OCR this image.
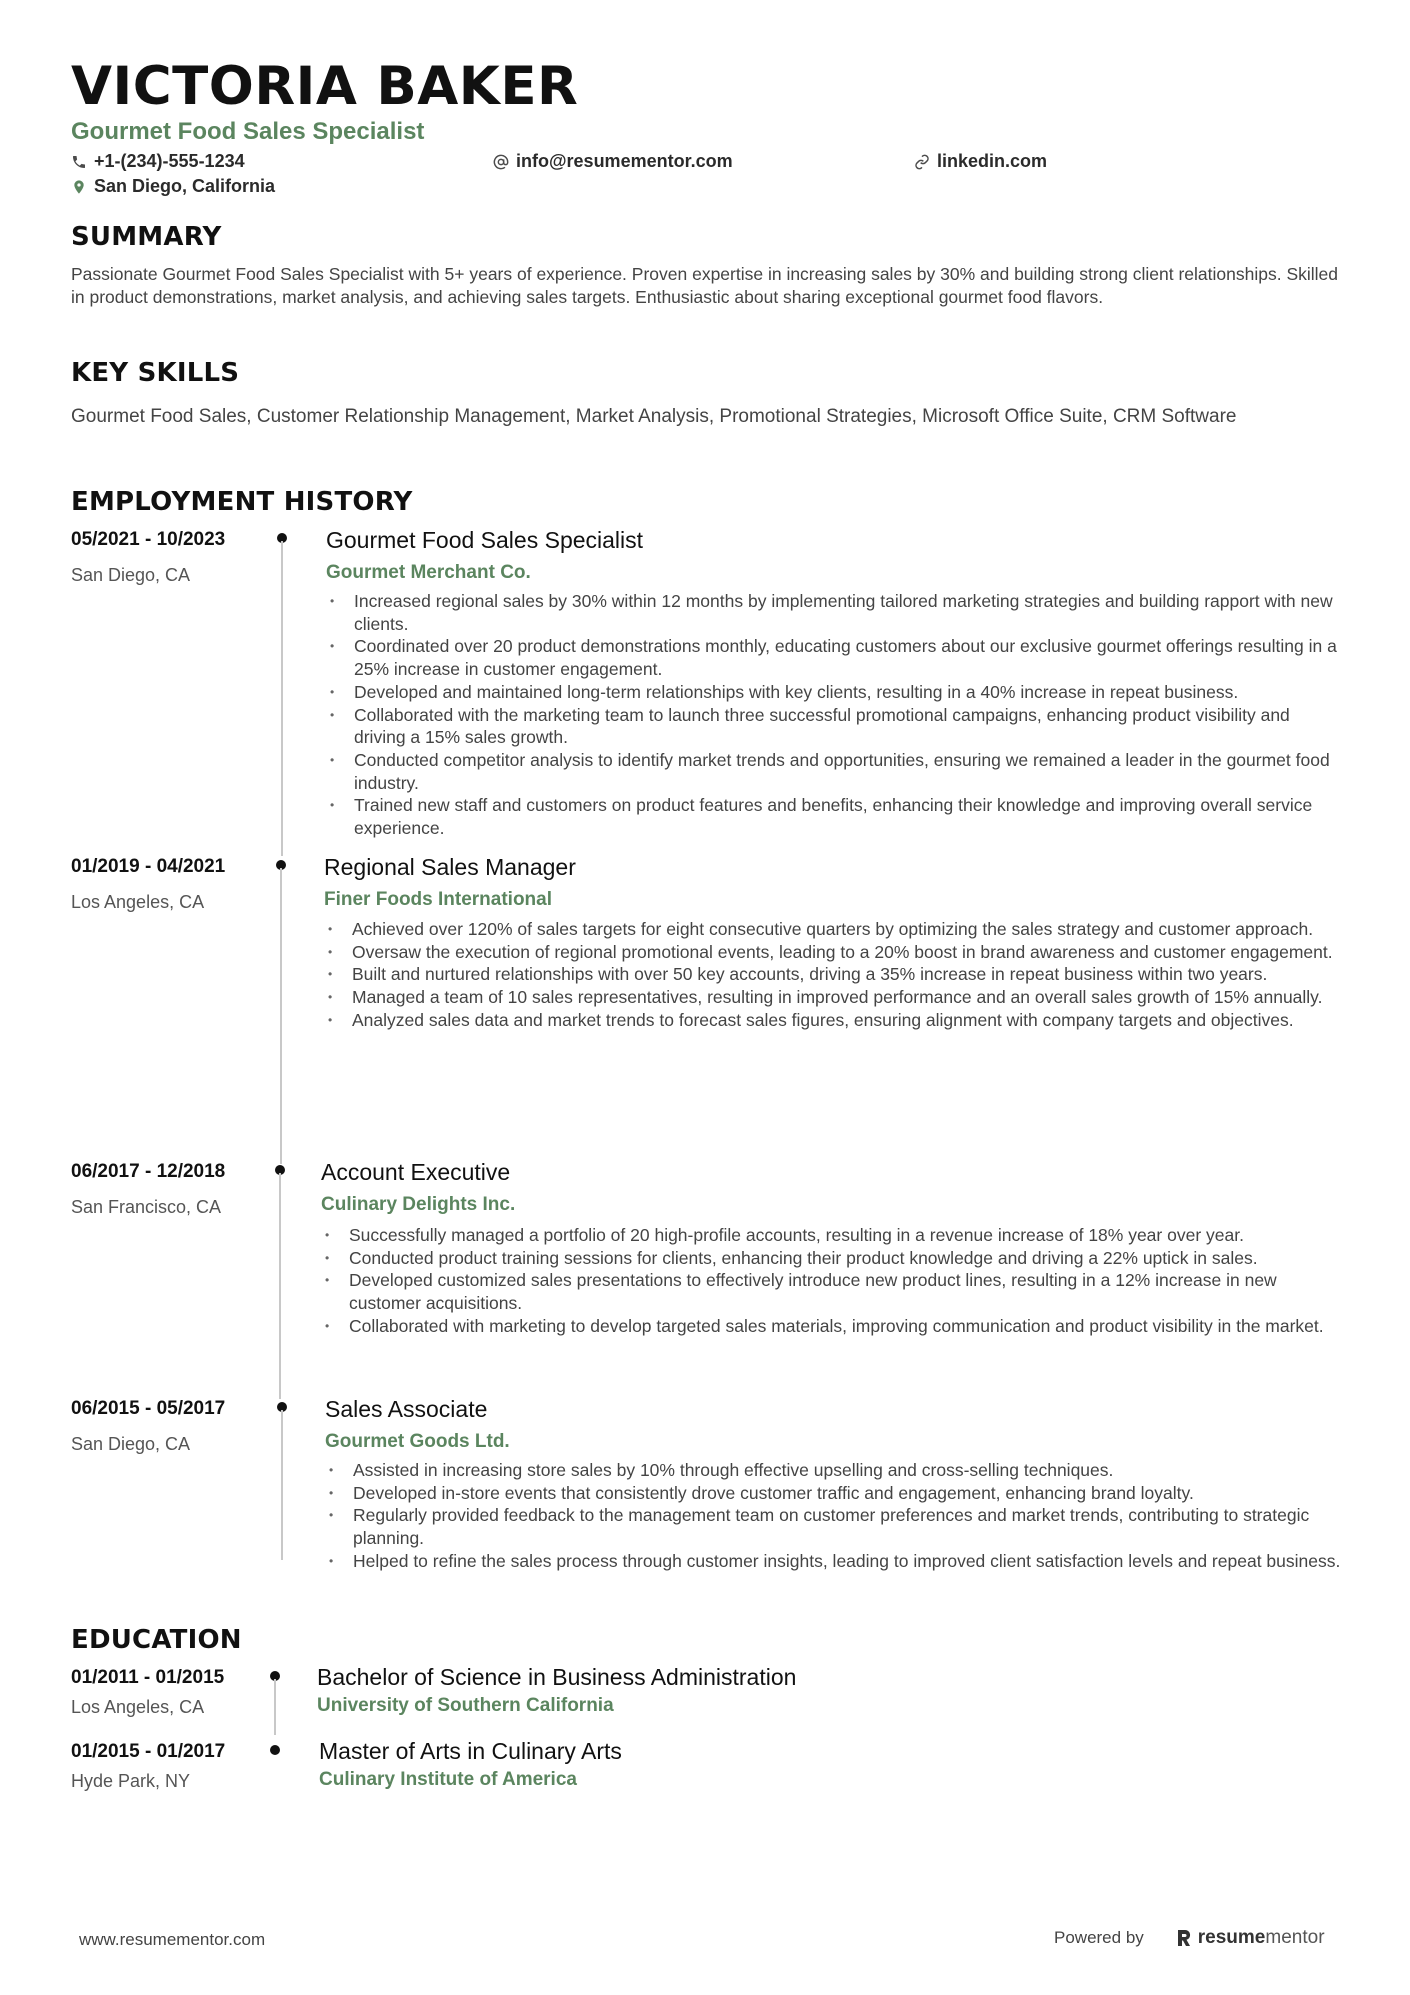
VICTORIA BAKER
Gourmet Food Sales Specialist
+1-(234)-555-1234	info@resumementor.com	linkedin.com
San Diego, California
SUMMARY

Passionate Gourmet Food Sales Specialist with 5+ years of experience. Proven expertise in increasing sales by 30% and building strong client relationships. Skilled in product demonstrations, market analysis, and achieving sales targets. Enthusiastic about sharing exceptional gourmet food flavors.

KEY SKILLS

Gourmet Food Sales, Customer Relationship Management, Market Analysis, Promotional Strategies, Microsoft Office Suite, CRM Software

EMPLOYMENT HISTORY
05/2021 - 10/2023
San Diego, CA
Gourmet Food Sales Specialist
Gourmet Merchant Co.
• Increased regional sales by 30% within 12 months by implementing tailored marketing strategies and building rapport with new clients.
• Coordinated over 20 product demonstrations monthly, educating customers about our exclusive gourmet offerings resulting in a 25% increase in customer engagement.
• Developed and maintained long-term relationships with key clients, resulting in a 40% increase in repeat business.
• Collaborated with the marketing team to launch three successful promotional campaigns, enhancing product visibility and driving a 15% sales growth.
• Conducted competitor analysis to identify market trends and opportunities, ensuring we remained a leader in the gourmet food industry.
• Trained new staff and customers on product features and benefits, enhancing their knowledge and improving overall service experience.
01/2019 - 04/2021
Los Angeles, CA
Regional Sales Manager
Finer Foods International
• Achieved over 120% of sales targets for eight consecutive quarters by optimizing the sales strategy and customer approach.
• Oversaw the execution of regional promotional events, leading to a 20% boost in brand awareness and customer engagement.
• Built and nurtured relationships with over 50 key accounts, driving a 35% increase in repeat business within two years.
• Managed a team of 10 sales representatives, resulting in improved performance and an overall sales growth of 15% annually.
• Analyzed sales data and market trends to forecast sales figures, ensuring alignment with company targets and objectives.
06/2017 - 12/2018
San Francisco, CA
Account Executive
Culinary Delights Inc.
• Successfully managed a portfolio of 20 high-profile accounts, resulting in a revenue increase of 18% year over year.
• Conducted product training sessions for clients, enhancing their product knowledge and driving a 22% uptick in sales.
• Developed customized sales presentations to effectively introduce new product lines, resulting in a 12% increase in new customer acquisitions.
• Collaborated with marketing to develop targeted sales materials, improving communication and product visibility in the market.
06/2015 - 05/2017
San Diego, CA
Sales Associate
Gourmet Goods Ltd.
• Assisted in increasing store sales by 10% through effective upselling and cross-selling techniques.
• Developed in-store events that consistently drove customer traffic and engagement, enhancing brand loyalty.
• Regularly provided feedback to the management team on customer preferences and market trends, contributing to strategic planning.
• Helped to refine the sales process through customer insights, leading to improved client satisfaction levels and repeat business.
EDUCATION
01/2011 - 01/2015
Los Angeles, CA
Bachelor of Science in Business Administration
University of Southern California
01/2015 - 01/2017
Hyde Park, NY
Master of Arts in Culinary Arts
Culinary Institute of America
www.resumementor.com	Powered by	resume mentor
